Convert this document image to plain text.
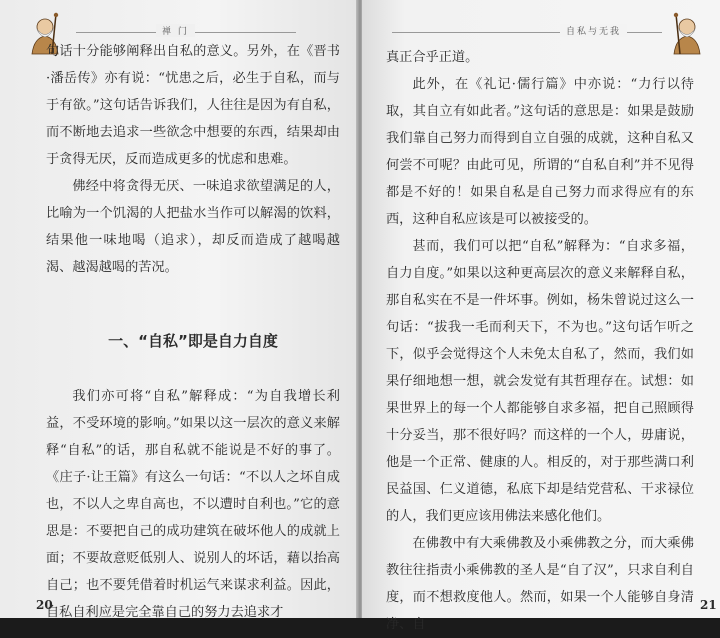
禅 门

句话十分能够阐释出自私的意义。另外，在《晋书·潘岳传》亦有说：“忧患之后，必生于自私，而与于有欲。”这句话告诉我们，人往往是因为有自私，而不断地去追求一些欲念中想要的东西，结果却由于贪得无厌，反而造成更多的忧虑和患难。

佛经中将贪得无厌、一味追求欲望满足的人，比喻为一个饥渴的人把盐水当作可以解渴的饮料，结果他一味地喝（追求），却反而造成了越喝越渴、越渴越喝的苦况。

一、“自私”即是自力自度

我们亦可将“自私”解释成：“为自我增长利益，不受环境的影响。”如果以这一层次的意义来解释“自私”的话，那自私就不能说是不好的事了。《庄子·让王篇》有这么一句话：“不以人之坏自成也，不以人之卑自高也，不以遭时自利也。”它的意思是：不要把自己的成功建筑在破坏他人的成就上面；不要故意贬低别人、说别人的坏话，藉以抬高自己；也不要凭借着时机运气来谋求利益。因此，自私自利应是完全靠自己的努力去追求才

20
自私与无我

真正合乎正道。

此外，在《礼记·儒行篇》中亦说：“力行以待取，其自立有如此者。”这句话的意思是：如果是鼓励我们靠自己努力而得到自立自强的成就，这种自私又何尝不可呢？由此可见，所谓的“自私自利”并不见得都是不好的！如果自私是自己努力而求得应有的东西，这种自私应该是可以被接受的。

甚而，我们可以把“自私”解释为：“自求多福，自力自度。”如果以这种更高层次的意义来解释自私，那自私实在不是一件坏事。例如，杨朱曾说过这么一句话：“拔我一毛而利天下，不为也。”这句话乍听之下，似乎会觉得这个人未免太自私了，然而，我们如果仔细地想一想，就会发觉有其哲理存在。试想：如果世界上的每一个人都能够自求多福，把自己照顾得十分妥当，那不很好吗？而这样的一个人，毋庸说，他是一个正常、健康的人。相反的，对于那些满口利民益国、仁义道德，私底下却是结党营私、干求禄位的人，我们更应该用佛法来感化他们。

在佛教中有大乘佛教及小乘佛教之分，而大乘佛教往往指责小乘佛教的圣人是“自了汉”，只求自利自度，而不想救度他人。然而，如果一个人能够自身清净、自

21
